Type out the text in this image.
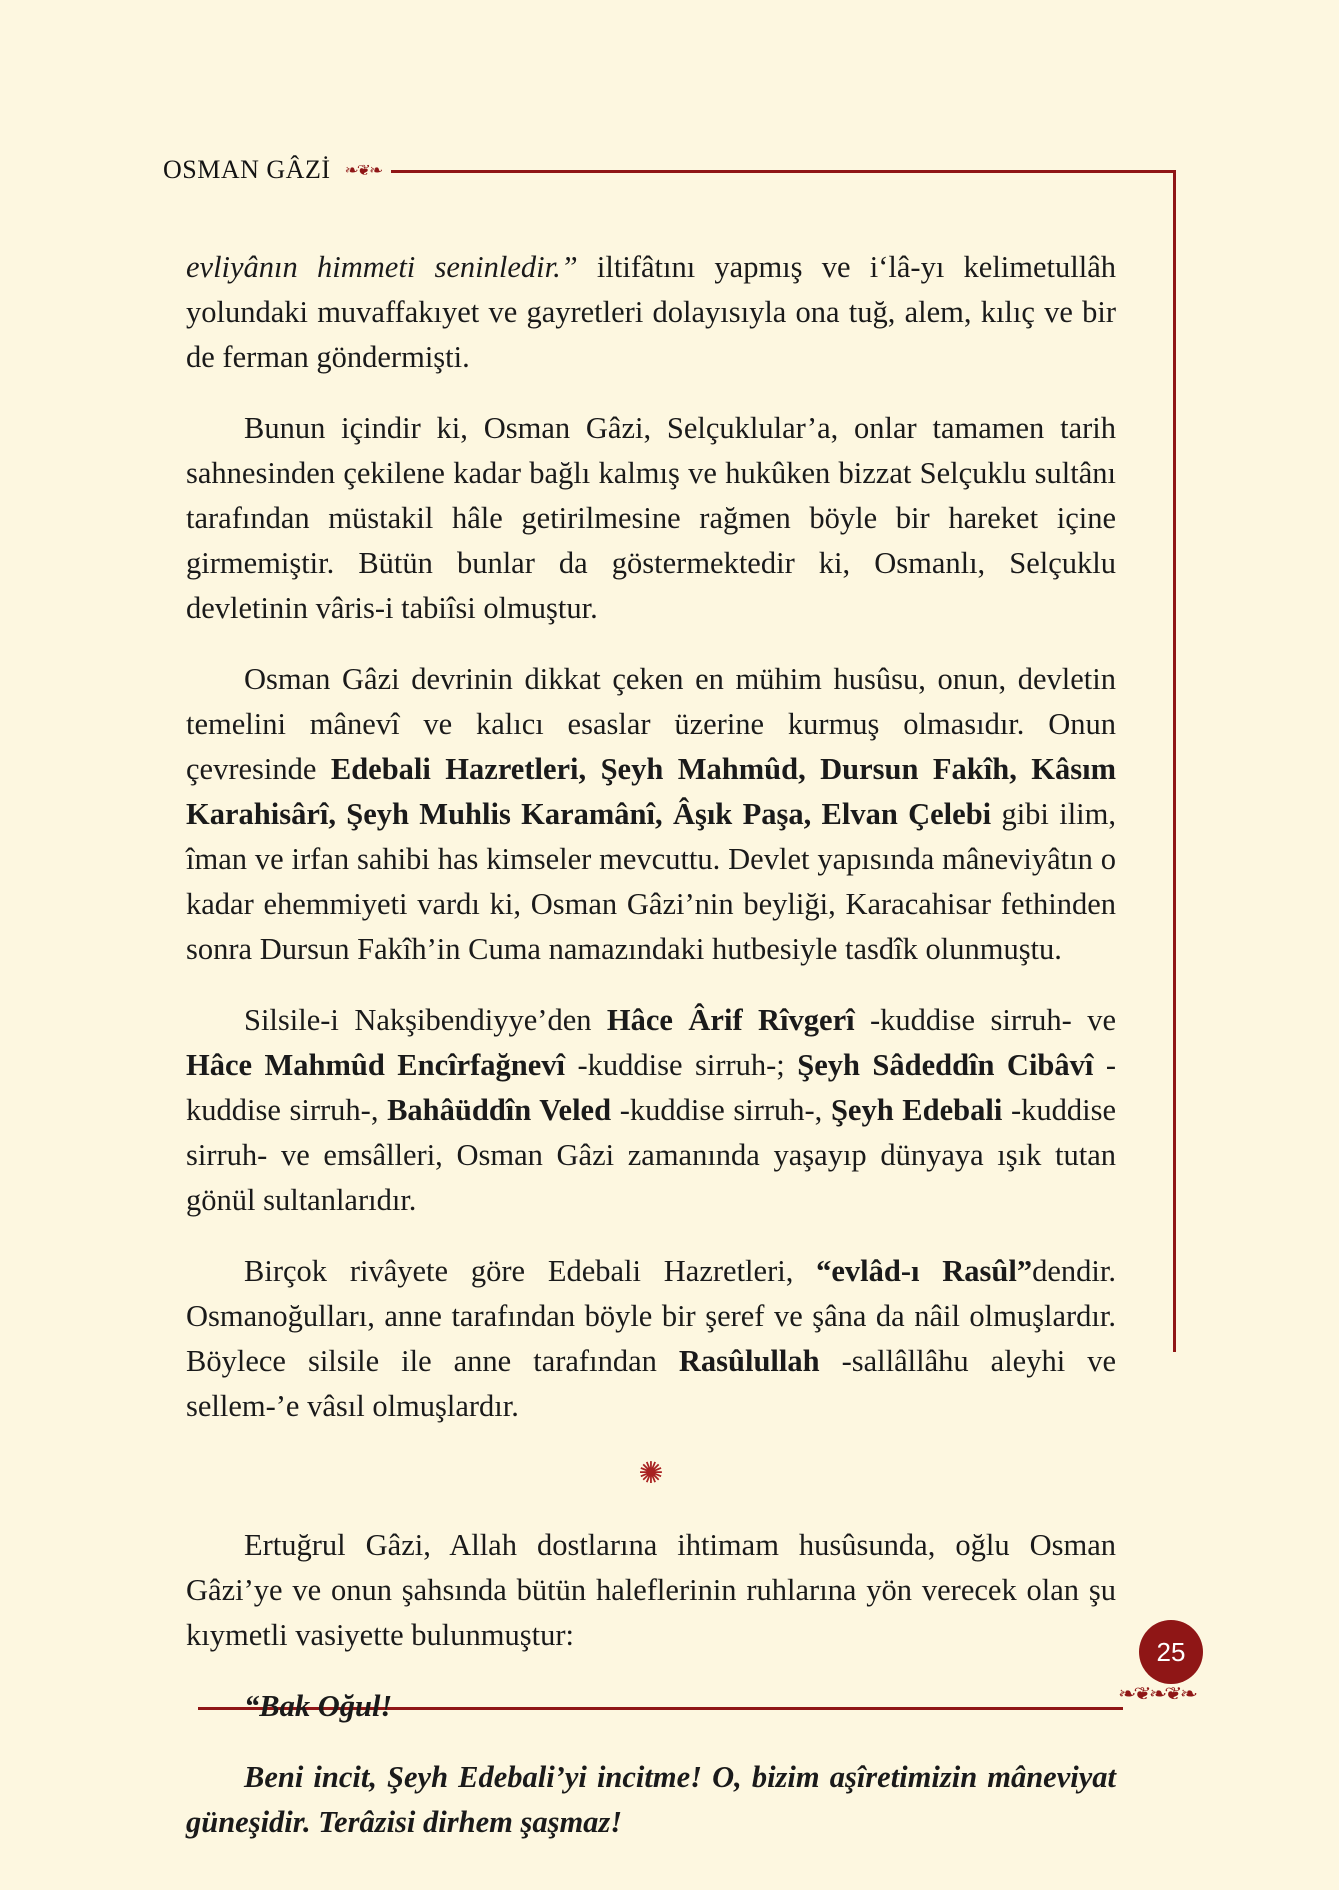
OSMAN GÂZİ ❧❦❧
❧❦❧❦❧
25

evliyânın himmeti seninledir.” iltifâtını yapmış ve i‘lâ-yı kelimetullâh yolundaki muvaffakıyet ve gayretleri dolayısıyla ona tuğ, alem, kılıç ve bir de ferman göndermişti.

Bunun içindir ki, Osman Gâzi, Selçuklular’a, onlar tamamen tarih sahnesinden çekilene kadar bağlı kalmış ve hukûken bizzat Selçuklu sultânı tarafından müstakil hâle getirilmesine rağmen böyle bir hareket içine girmemiştir. Bütün bunlar da göstermektedir ki, Osmanlı, Selçuklu devletinin vâris-i tabiîsi olmuştur.

Osman Gâzi devrinin dikkat çeken en mühim husûsu, onun, devletin temelini mânevî ve kalıcı esaslar üzerine kurmuş olmasıdır. Onun çevresinde Edebali Hazretleri, Şeyh Mahmûd, Dursun Fakîh, Kâsım Karahisârî, Şeyh Muhlis Karamânî, Âşık Paşa, Elvan Çelebi gibi ilim, îman ve irfan sahibi has kimseler mevcuttu. Devlet yapısında mâneviyâtın o kadar ehemmiyeti vardı ki, Osman Gâzi’nin beyliği, Karacahisar fethinden sonra Dursun Fakîh’in Cuma namazındaki hutbesiyle tasdîk olunmuştu.

Silsile-i Nakşibendiyye’den Hâce Ârif Rîvgerî -kuddise sirruh- ve Hâce Mahmûd Encîrfağnevî -kuddise sirruh-; Şeyh Sâdeddîn Cibâvî -kuddise sirruh-, Bahâüddîn Veled -kuddise sirruh-, Şeyh Edebali -kuddise sirruh- ve emsâlleri, Osman Gâzi zamanında yaşayıp dünyaya ışık tutan gönül sultanlarıdır.

Birçok rivâyete göre Edebali Hazretleri, “evlâd-ı Rasûl”dendir. Osmanoğulları, anne tarafından böyle bir şeref ve şâna da nâil olmuşlardır. Böylece silsile ile anne tarafından Rasûlullah -sallâllâhu aleyhi ve sellem-’e vâsıl olmuşlardır.

✺

Ertuğrul Gâzi, Allah dostlarına ihtimam husûsunda, oğlu Osman Gâzi’ye ve onun şahsında bütün haleflerinin ruhlarına yön verecek olan şu kıymetli vasiyette bulunmuştur:

“Bak Oğul!

Beni incit, Şeyh Edebali’yi incitme! O, bizim aşîretimizin mâneviyat güneşidir. Terâzisi dirhem şaşmaz!
